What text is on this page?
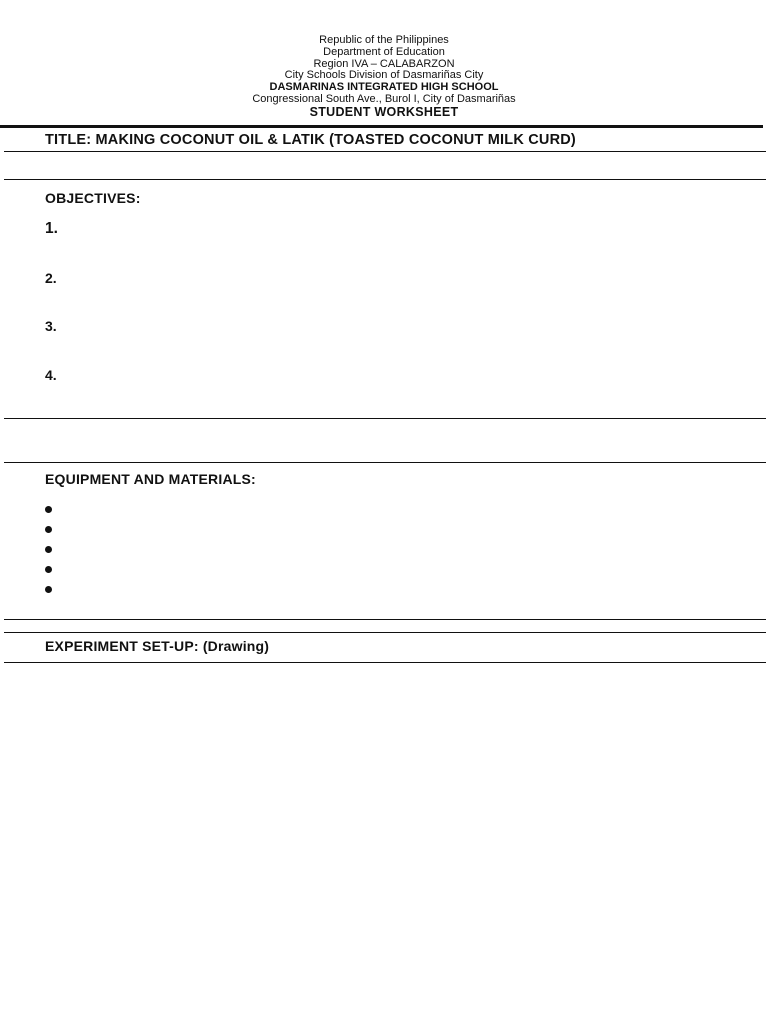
Republic of the Philippines
Department of Education
Region IVA – CALABARZON
City Schools Division of Dasmariñas City
DASMARINAS INTEGRATED HIGH SCHOOL
Congressional South Ave., Burol I, City of Dasmariñas
STUDENT WORKSHEET
TITLE: MAKING COCONUT OIL & LATIK (TOASTED COCONUT MILK CURD)
OBJECTIVES:
1.
2.
3.
4.
EQUIPMENT AND MATERIALS:
EXPERIMENT SET-UP: (Drawing)
